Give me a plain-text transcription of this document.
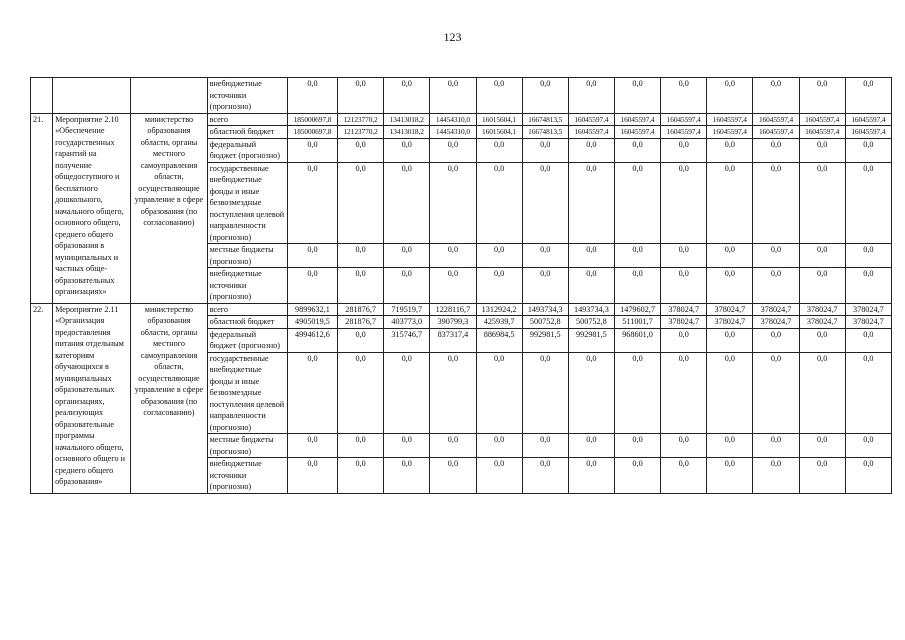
123
			внебюджетные источники (прогнозно)	0,0	0,0	0,0	0,0	0,0	0,0	0,0	0,0	0,0	0,0	0,0	0,0	0,0
21.	Мероприятие 2.10 «Обеспечение государственных гарантий на получение общедоступного и бесплатного дошкольного, начального общего, основного общего, среднего общего образования в муниципальных и частных обще-образовательных организациях»	министерство образования области, органы местного самоуправления области, осуществляющие управление в сфере образования (по согласованию)	всего	185000697,8	12123770,2	13413018,2	14454310,0	16015604,1	16674813,5	16045597,4	16045597,4	16045597,4	16045597,4	16045597,4	16045597,4	16045597,4
			областной бюджет	185000697,8	12123770,2	13413018,2	14454310,0	16015604,1	16674813,5	16045597,4	16045597,4	16045597,4	16045597,4	16045597,4	16045597,4	16045597,4
			федеральный бюджет (прогнозно)	0,0	0,0	0,0	0,0	0,0	0,0	0,0	0,0	0,0	0,0	0,0	0,0	0,0
			государственные внебюджетные фонды и иные безвозмездные поступления целевой направленности (прогнозно)	0,0	0,0	0,0	0,0	0,0	0,0	0,0	0,0	0,0	0,0	0,0	0,0	0,0
			местные бюджеты (прогнозно)	0,0	0,0	0,0	0,0	0,0	0,0	0,0	0,0	0,0	0,0	0,0	0,0	0,0
			внебюджетные источники (прогнозно)	0,0	0,0	0,0	0,0	0,0	0,0	0,0	0,0	0,0	0,0	0,0	0,0	0,0
22.	Мероприятие 2.11 «Организация предоставления питания отдельным категориям обучающихся в муниципальных образовательных организациях, реализующих образовательные программы начального общего, основного общего и среднего общего образования»	министерство образования области, органы местного самоуправления области, осуществляющие управление в сфере образования (по согласованию)	всего	9899632,1	281876,7	719519,7	1228116,7	1312924,2	1493734,3	1493734,3	1479602,7	378024,7	378024,7	378024,7	378024,7	378024,7
			областной бюджет	4905019,5	281876,7	403773,0	390799,3	425939,7	500752,8	500752,8	511001,7	378024,7	378024,7	378024,7	378024,7	378024,7
			федеральный бюджет (прогнозно)	4994612,6	0,0	315746,7	837317,4	886984,5	992981,5	992981,5	968601,0	0,0	0,0	0,0	0,0	0,0
			государственные внебюджетные фонды и иные безвозмездные поступления целевой направленности (прогнозно)	0,0	0,0	0,0	0,0	0,0	0,0	0,0	0,0	0,0	0,0	0,0	0,0	0,0
			местные бюджеты (прогнозно)	0,0	0,0	0,0	0,0	0,0	0,0	0,0	0,0	0,0	0,0	0,0	0,0	0,0
			внебюджетные источники (прогнозно)	0,0	0,0	0,0	0,0	0,0	0,0	0,0	0,0	0,0	0,0	0,0	0,0	0,0
